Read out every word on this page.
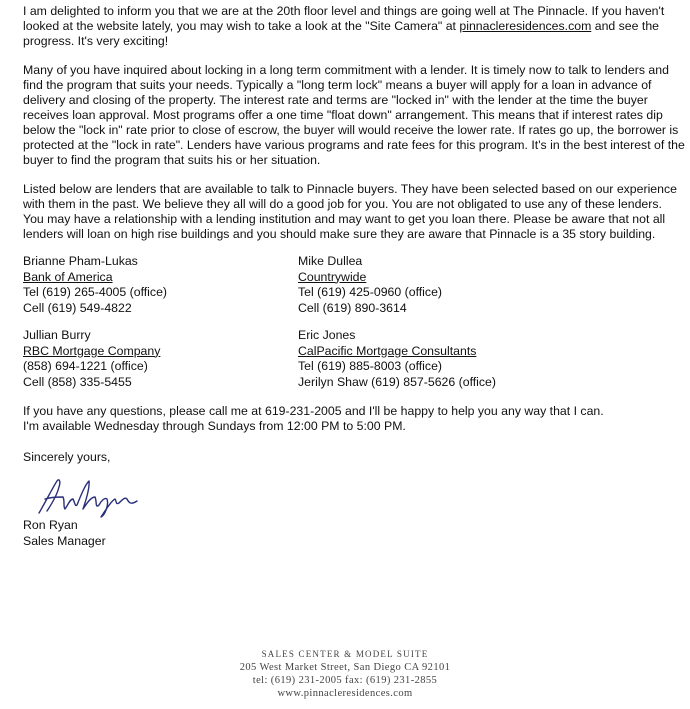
I am delighted to inform you that we are at the 20th floor level and things are going well at The Pinnacle. If you haven't looked at the website lately, you may wish to take a look at the "Site Camera" at pinnacleresidences.com and see the progress. It's very exciting!

Many of you have inquired about locking in a long term commitment with a lender. It is timely now to talk to lenders and find the program that suits your needs. Typically a "long term lock" means a buyer will apply for a loan in advance of delivery and closing of the property. The interest rate and terms are "locked in" with the lender at the time the buyer receives loan approval. Most programs offer a one time "float down" arrangement. This means that if interest rates dip below the "lock in" rate prior to close of escrow, the buyer will would receive the lower rate. If rates go up, the borrower is protected at the "lock in rate". Lenders have various programs and rate fees for this program. It's in the best interest of the buyer to find the program that suits his or her situation.

Listed below are lenders that are available to talk to Pinnacle buyers. They have been selected based on our experience with them in the past. We believe they all will do a good job for you. You are not obligated to use any of these lenders. You may have a relationship with a lending institution and may want to get you loan there. Please be aware that not all lenders will loan on high rise buildings and you should make sure they are aware that Pinnacle is a 35 story building.

Brianne Pham-Lukas
Bank of America
Tel (619) 265-4005 (office)
Cell (619) 549-4822
Mike Dullea
Countrywide
Tel (619) 425-0960 (office)
Cell (619) 890-3614
Jullian Burry
RBC Mortgage Company
(858) 694-1221 (office)
Cell (858) 335-5455
Eric Jones
CalPacific Mortgage Consultants
Tel (619) 885-8003 (office)
Jerilyn Shaw (619) 857-5626 (office)
If you have any questions, please call me at 619-231-2005 and I'll be happy to help you any way that I can.
I'm available Wednesday through Sundays from 12:00 PM to 5:00 PM.
Sincerely yours,
Ron Ryan
Sales Manager
SALES CENTER & MODEL SUITE
205 West Market Street, San Diego CA 92101
tel: (619) 231-2005 fax: (619) 231-2855
www.pinnacleresidences.com
